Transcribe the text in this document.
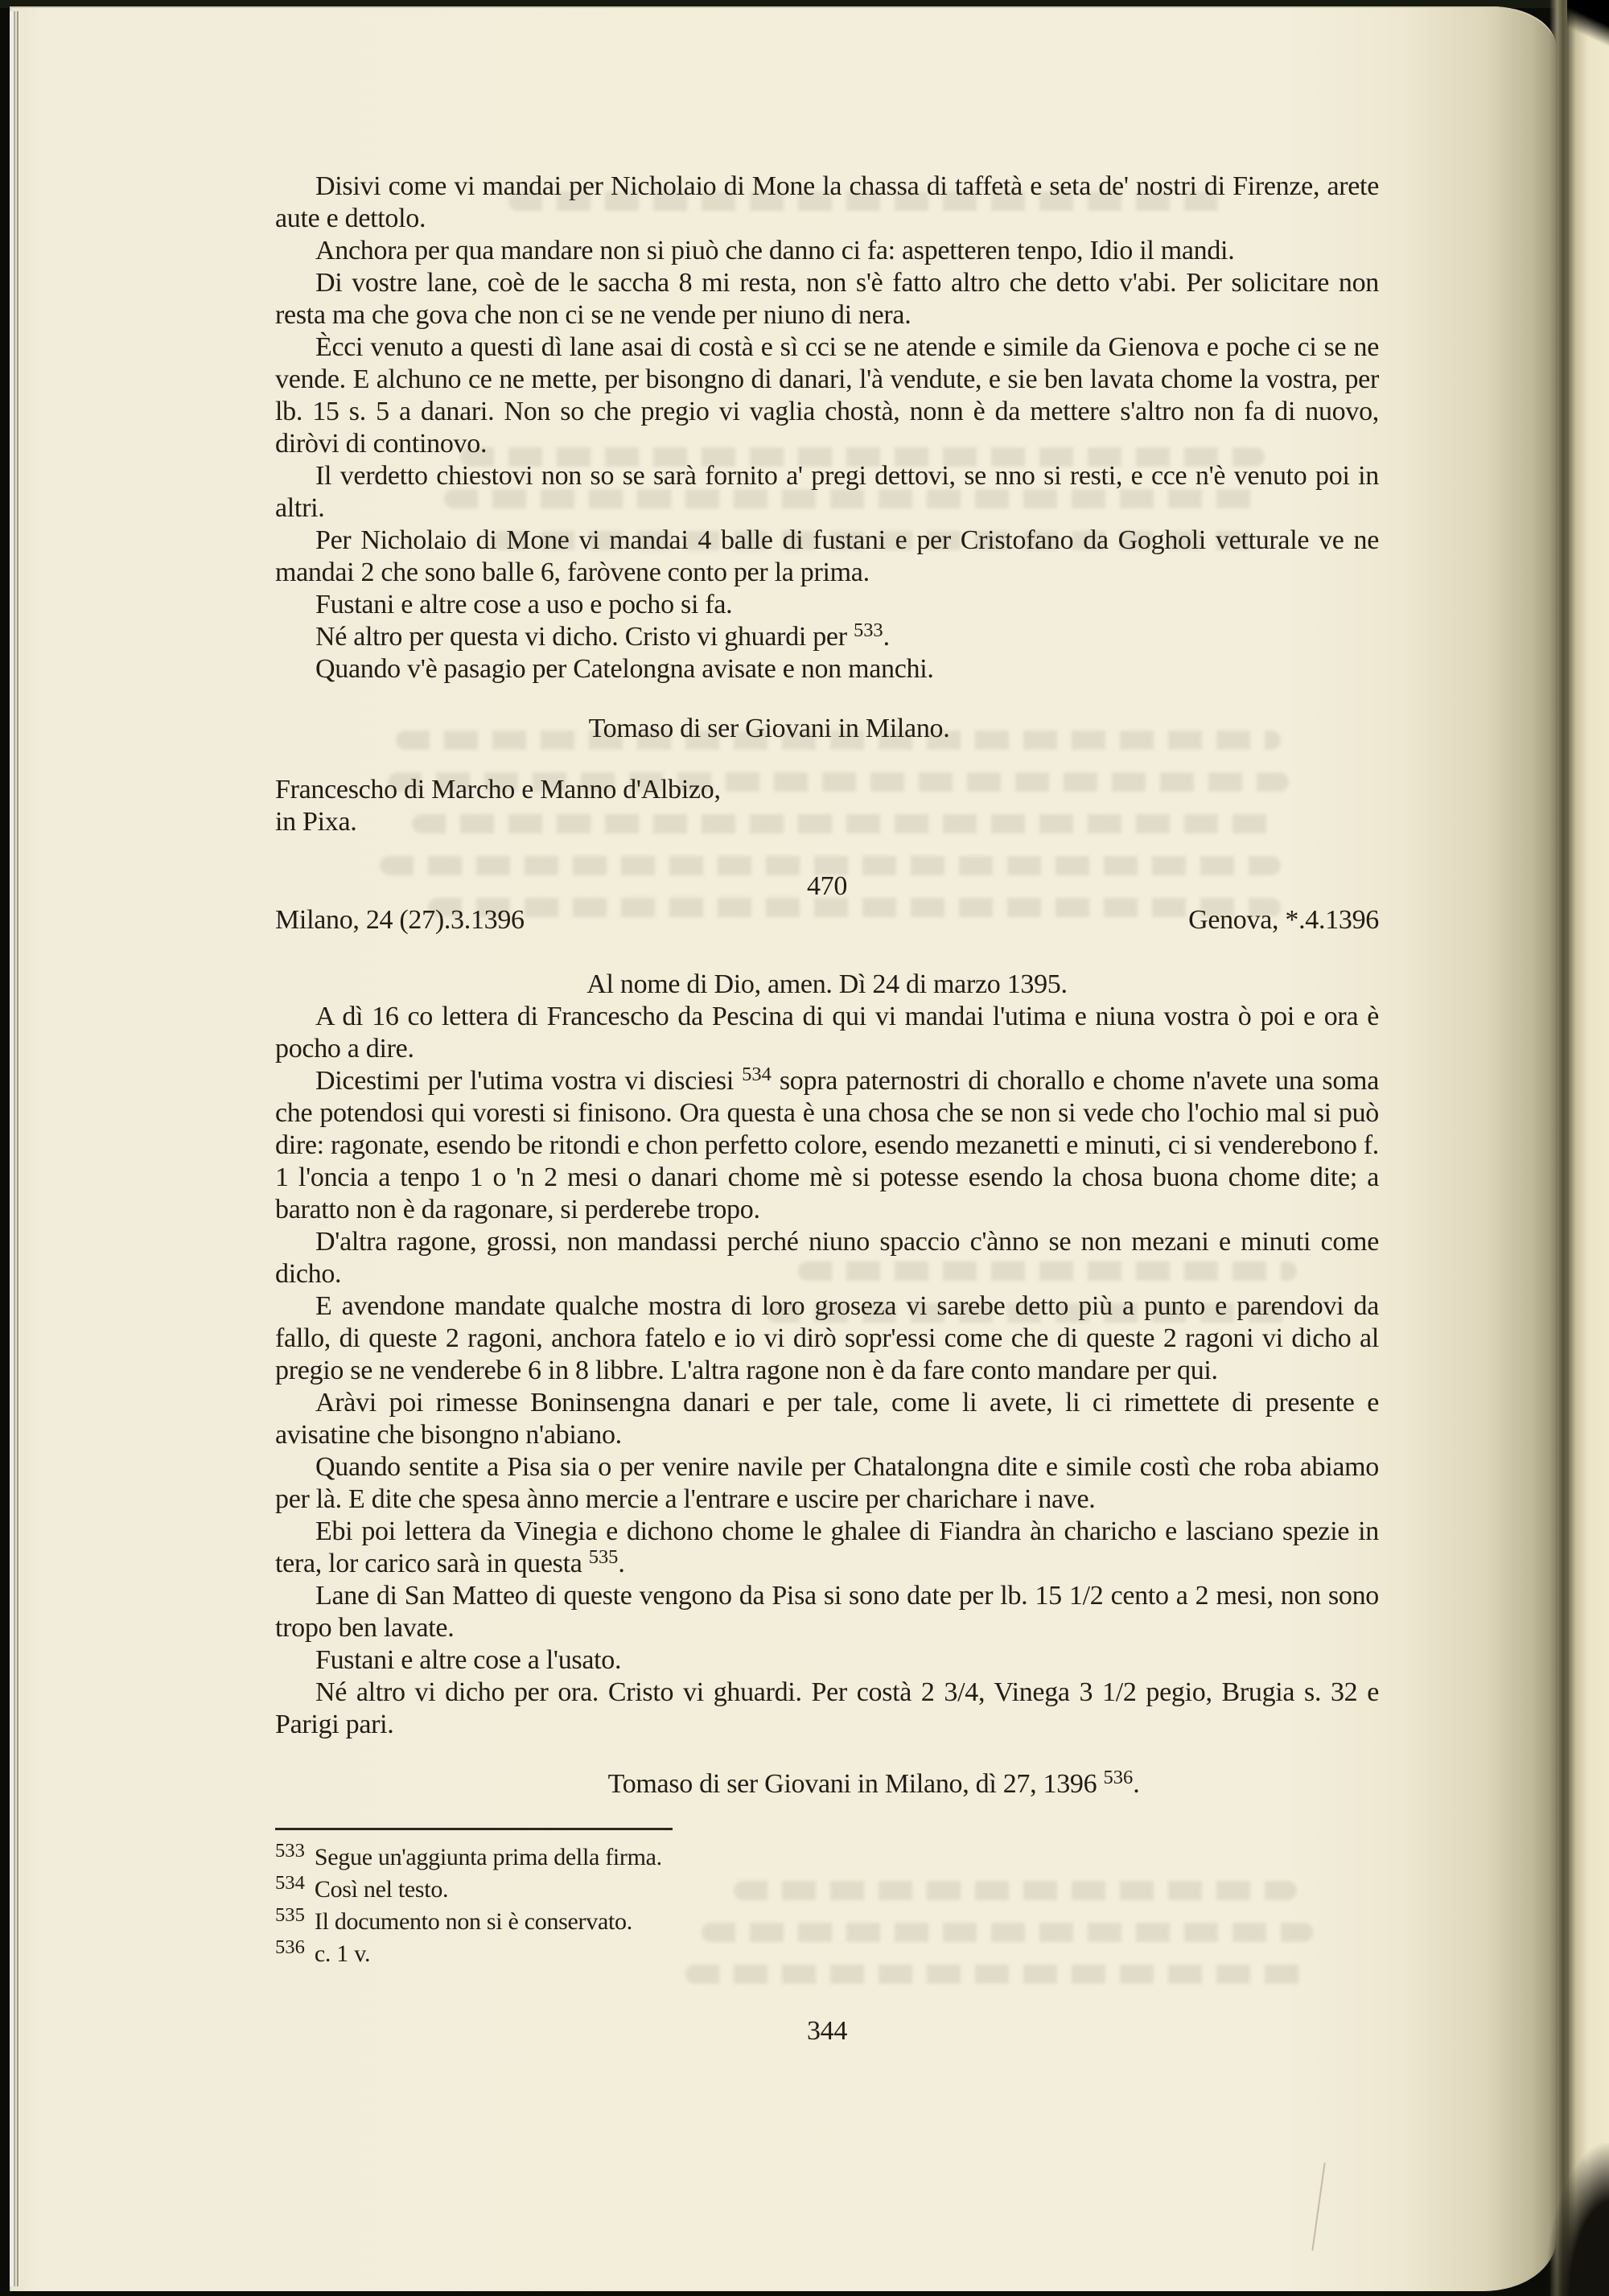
Disivi come vi mandai per Nicholaio di Mone la chassa di taffetà e seta de' nostri di Firenze, arete aute e dettolo.

Anchora per qua mandare non si piuò che danno ci fa: aspetteren tenpo, Idio il mandi.

Di vostre lane, coè de le saccha 8 mi resta, non s'è fatto altro che detto v'abi. Per solicitare non resta ma che gova che non ci se ne vende per niuno di nera.

Ècci venuto a questi dì lane asai di costà e sì cci se ne atende e simile da Gienova e poche ci se ne vende. E alchuno ce ne mette, per bisongno di danari, l'à vendute, e sie ben lavata chome la vostra, per lb. 15 s. 5 a danari. Non so che pregio vi vaglia chostà, nonn è da mettere s'altro non fa di nuovo, diròvi di continovo.

Il verdetto chiestovi non so se sarà fornito a' pregi dettovi, se nno si resti, e cce n'è venuto poi in altri.

Per Nicholaio di Mone vi mandai 4 balle di fustani e per Cristofano da Gogholi vetturale ve ne mandai 2 che sono balle 6, faròvene conto per la prima.

Fustani e altre cose a uso e pocho si fa.

Né altro per questa vi dicho. Cristo vi ghuardi per $^{533}$.

Quando v'è pasagio per Catelongna avisate e non manchi.

Tomaso di ser Giovani in Milano.
Francescho di Marcho e Manno d'Albizo,
in Pixa.
470
Milano, 24 (27).3.1396	Genova, *.4.1396
Al nome di Dio, amen. Dì 24 di marzo 1395.

A dì 16 co lettera di Francescho da Pescina di qui vi mandai l'utima e niuna vostra ò poi e ora è pocho a dire.

Dicestimi per l'utima vostra vi disciesi $^{534}$ sopra paternostri di chorallo e chome n'avete una soma che potendosi qui voresti si finisono. Ora questa è una chosa che se non si vede cho l'ochio mal si può dire: ragonate, esendo be ritondi e chon perfetto colore, esendo mezanetti e minuti, ci si venderebono f. 1 l'oncia a tenpo 1 o 'n 2 mesi o danari chome mè si potesse esendo la chosa buona chome dite; a baratto non è da ragonare, si perderebe tropo.

D'altra ragone, grossi, non mandassi perché niuno spaccio c'ànno se non mezani e minuti come dicho.

E avendone mandate qualche mostra di loro groseza vi sarebe detto più a punto e parendovi da fallo, di queste 2 ragoni, anchora fatelo e io vi dirò sopr'essi come che di queste 2 ragoni vi dicho al pregio se ne venderebe 6 in 8 libbre. L'altra ragone non è da fare conto mandare per qui.

Aràvi poi rimesse Boninsengna danari e per tale, come li avete, li ci rimettete di presente e avisatine che bisongno n'abiano.

Quando sentite a Pisa sia o per venire navile per Chatalongna dite e simile costì che roba abiamo per là. E dite che spesa ànno mercie a l'entrare e uscire per charichare i nave.

Ebi poi lettera da Vinegia e dichono chome le ghalee di Fiandra àn charicho e lasciano spezie in tera, lor carico sarà in questa $^{535}$.

Lane di San Matteo di queste vengono da Pisa si sono date per lb. 15 1/2 cento a 2 mesi, non sono tropo ben lavate.

Fustani e altre cose a l'usato.

Né altro vi dicho per ora. Cristo vi ghuardi. Per costà 2 3/4, Vinega 3 1/2 pegio, Brugia s. 32 e Parigi pari.

Tomaso di ser Giovani in Milano, dì 27, 1396 $^{536}$.

$^{533}$ Segue un'aggiunta prima della firma.
$^{534}$ Così nel testo.
$^{535}$ Il documento non si è conservato.
$^{536}$ c. 1 v.
344
